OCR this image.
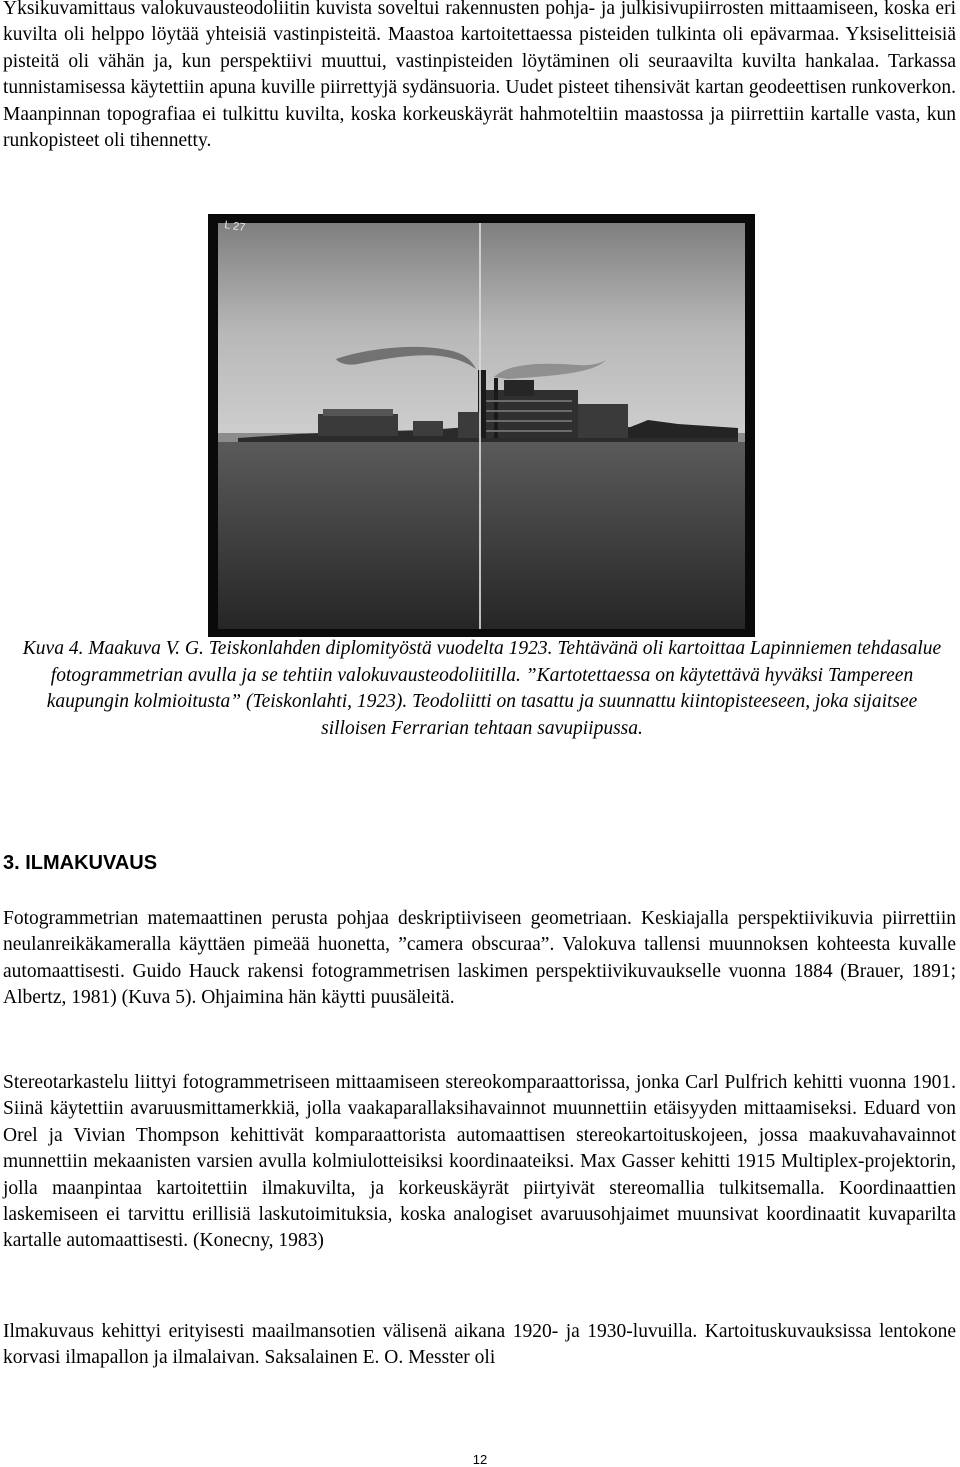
Yksikuvamittaus valokuvausteodoliitin kuvista soveltui rakennusten pohja- ja julkisivupiirrosten mittaamiseen, koska eri kuvilta oli helppo löytää yhteisiä vastinpisteitä. Maastoa kartoitettaessa pisteiden tulkinta oli epävarmaa. Yksiselitteisiä pisteitä oli vähän ja, kun perspektiivi muuttui, vastinpisteiden löytäminen oli seuraavilta kuvilta hankalaa. Tarkassa tunnistamisessa käytettiin apuna kuville piirrettyjä sydänsuoria. Uudet pisteet tihensivät kartan geodeettisen runkoverkon. Maanpinnan topografiaa ei tulkittu kuvilta, koska korkeuskäyrät hahmoteltiin maastossa ja piirrettiin kartalle vasta, kun runkopisteet oli tihennetty.
L 27
Kuva 4. Maakuva V. G. Teiskonlahden diplomityöstä vuodelta 1923. Tehtävänä oli kartoittaa Lapinniemen tehdasalue fotogrammetrian avulla ja se tehtiin valokuvausteodoliitilla. ”Kartotettaessa on käytettävä hyväksi Tampereen kaupungin kolmioitusta” (Teiskonlahti, 1923). Teodoliitti on tasattu ja suunnattu kiintopisteeseen, joka sijaitsee silloisen Ferrarian tehtaan savupiipussa.
3. ILMAKUVAUS
Fotogrammetrian matemaattinen perusta pohjaa deskriptiiviseen geometriaan. Keskiajalla perspektiivikuvia piirrettiin neulanreikäkameralla käyttäen pimeää huonetta, ”camera obscuraa”. Valokuva tallensi muunnoksen kohteesta kuvalle automaattisesti. Guido Hauck rakensi fotogrammetrisen laskimen perspektiivikuvaukselle vuonna 1884 (Brauer, 1891; Albertz, 1981) (Kuva 5). Ohjaimina hän käytti puusäleitä.
Stereotarkastelu liittyi fotogrammetriseen mittaamiseen stereokomparaattorissa, jonka Carl Pulfrich kehitti vuonna 1901. Siinä käytettiin avaruusmittamerkkiä, jolla vaakaparallaksihavainnot muunnettiin etäisyyden mittaamiseksi. Eduard von Orel ja Vivian Thompson kehittivät komparaattorista automaattisen stereokartoituskojeen, jossa maakuvahavainnot munnettiin mekaanisten varsien avulla kolmiulotteisiksi koordinaateiksi. Max Gasser kehitti 1915 Multiplex-projektorin, jolla maanpintaa kartoitettiin ilmakuvilta, ja korkeuskäyrät piirtyivät stereomallia tulkitsemalla. Koordinaattien laskemiseen ei tarvittu erillisiä laskutoimituksia, koska analogiset avaruusohjaimet muunsivat koordinaatit kuvaparilta kartalle automaattisesti. (Konecny, 1983)
Ilmakuvaus kehittyi erityisesti maailmansotien välisenä aikana 1920- ja 1930-luvuilla. Kartoituskuvauksissa lentokone korvasi ilmapallon ja ilmalaivan. Saksalainen E. O. Messter oli
12
